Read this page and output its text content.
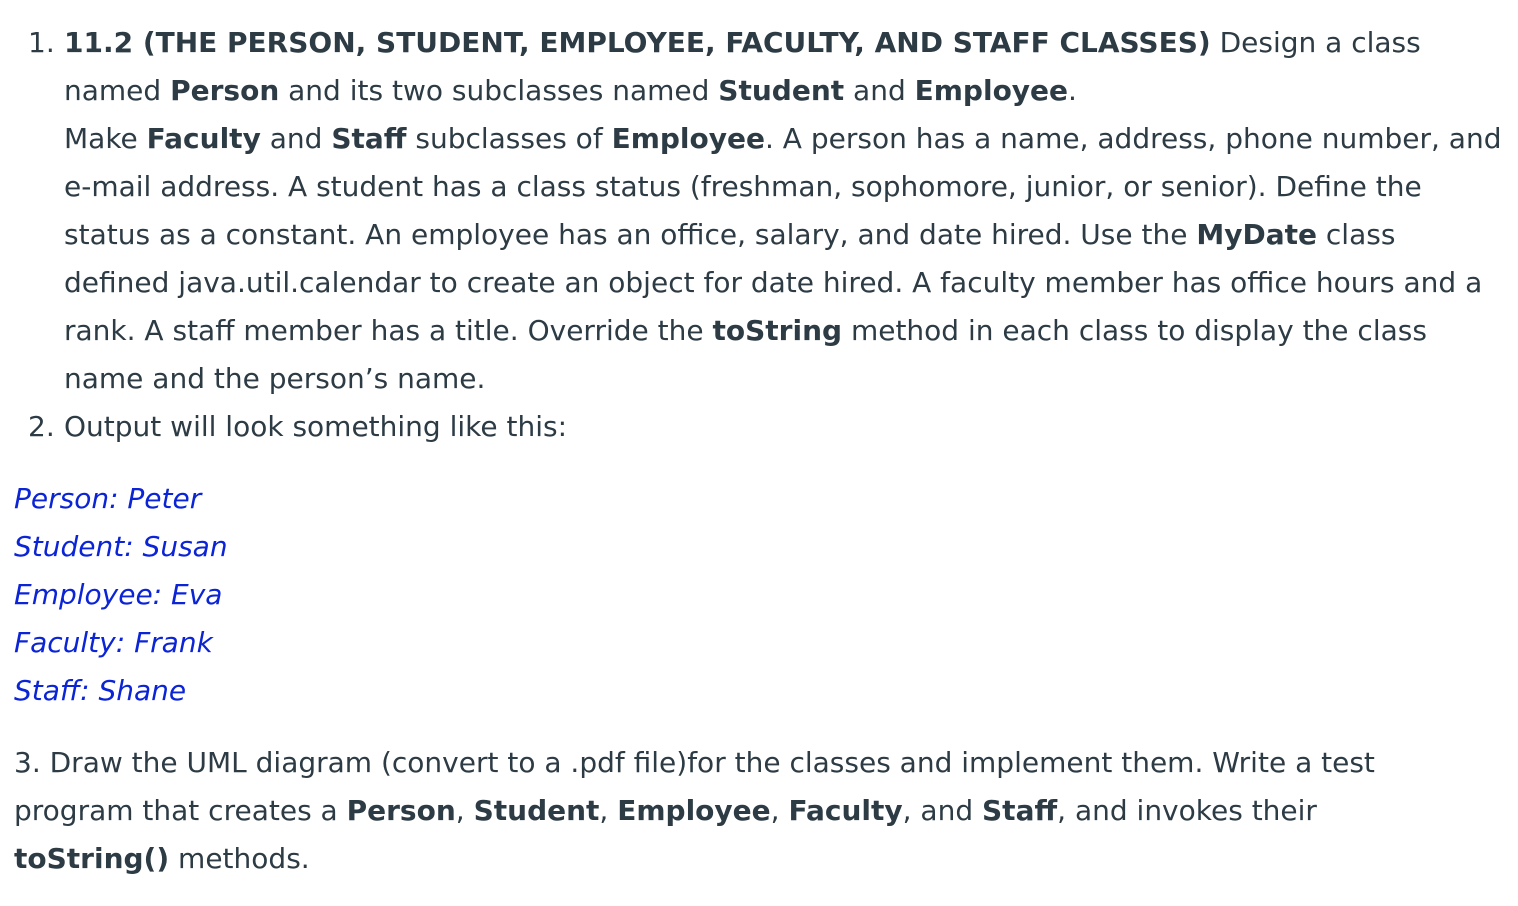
1. 11.2 (THE PERSON, STUDENT, EMPLOYEE, FACULTY, AND STAFF CLASSES) Design a class named Person and its two subclasses named Student and Employee.
Make Faculty and Staff subclasses of Employee. A person has a name, address, phone number, and e-mail address. A student has a class status (freshman, sophomore, junior, or senior). Define the status as a constant. An employee has an office, salary, and date hired. Use the MyDate class defined java.util.calendar to create an object for date hired. A faculty member has office hours and a rank. A staff member has a title. Override the toString method in each class to display the class name and the person’s name.
2. Output will look something like this:
Person: Peter
Student: Susan
Employee: Eva
Faculty: Frank
Staff: Shane
3. Draw the UML diagram (convert to a .pdf file)for the classes and implement them. Write a test program that creates a Person, Student, Employee, Faculty, and Staff, and invokes their toString() methods.
